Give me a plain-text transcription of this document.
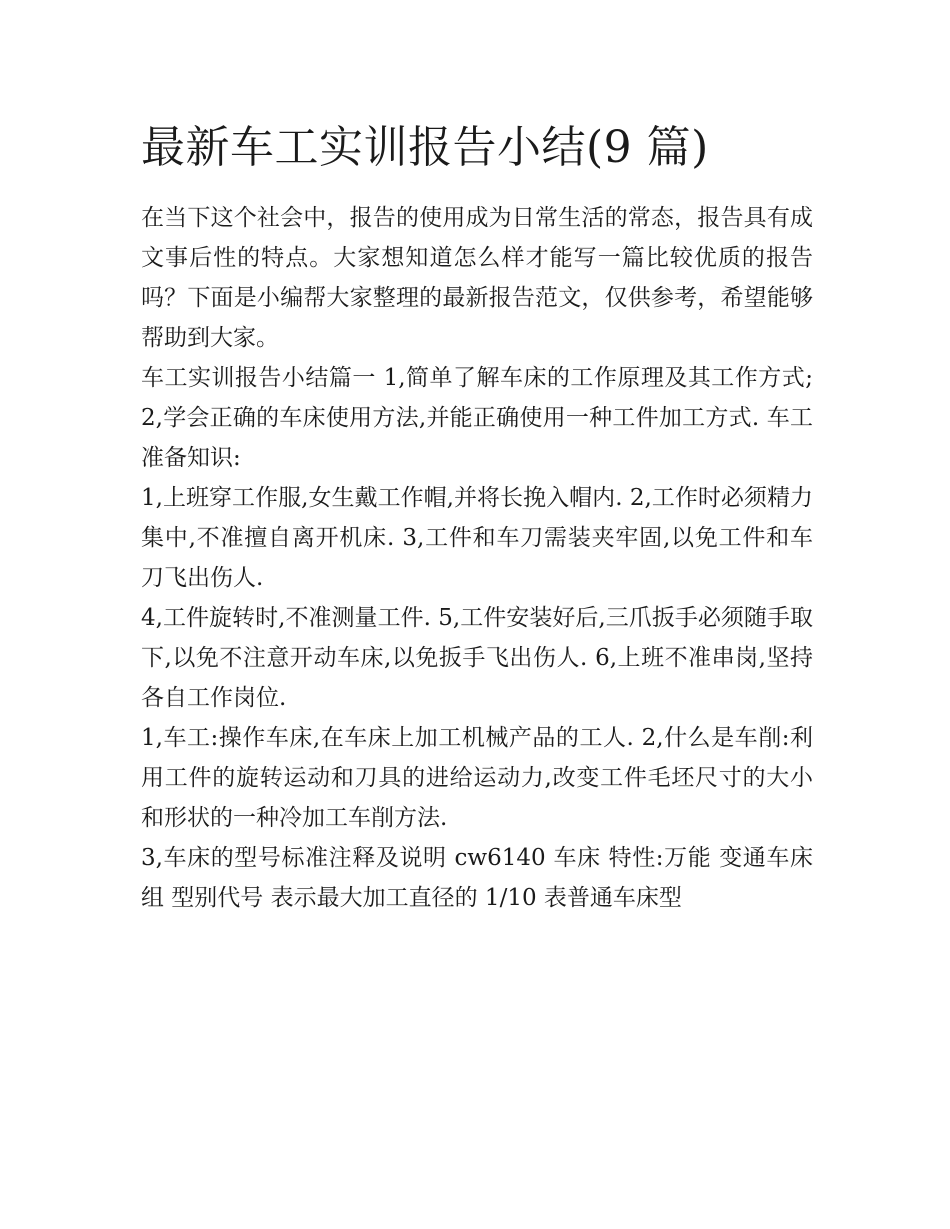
最新车工实训报告小结(9 篇)

在当下这个社会中，报告的使用成为日常生活的常态，报告具有成文事后性的特点。大家想知道怎么样才能写一篇比较优质的报告吗？下面是小编帮大家整理的最新报告范文，仅供参考，希望能够帮助到大家。

车工实训报告小结篇一 1,简单了解车床的工作原理及其工作方式; 2,学会正确的车床使用方法,并能正确使用一种工件加工方式. 车工准备知识:

1,上班穿工作服,女生戴工作帽,并将长挽入帽内. 2,工作时必须精力集中,不准擅自离开机床. 3,工件和车刀需装夹牢固,以免工件和车刀飞出伤人.

4,工件旋转时,不准测量工件. 5,工件安装好后,三爪扳手必须随手取下,以免不注意开动车床,以免扳手飞出伤人. 6,上班不准串岗,坚持各自工作岗位.

1,车工:操作车床,在车床上加工机械产品的工人. 2,什么是车削:利用工件的旋转运动和刀具的进给运动力,改变工件毛坯尺寸的大小和形状的一种冷加工车削方法.

3,车床的型号标准注释及说明 cw6140 车床 特性:万能 变通车床组 型别代号 表示最大加工直径的 1/10 表普通车床型
